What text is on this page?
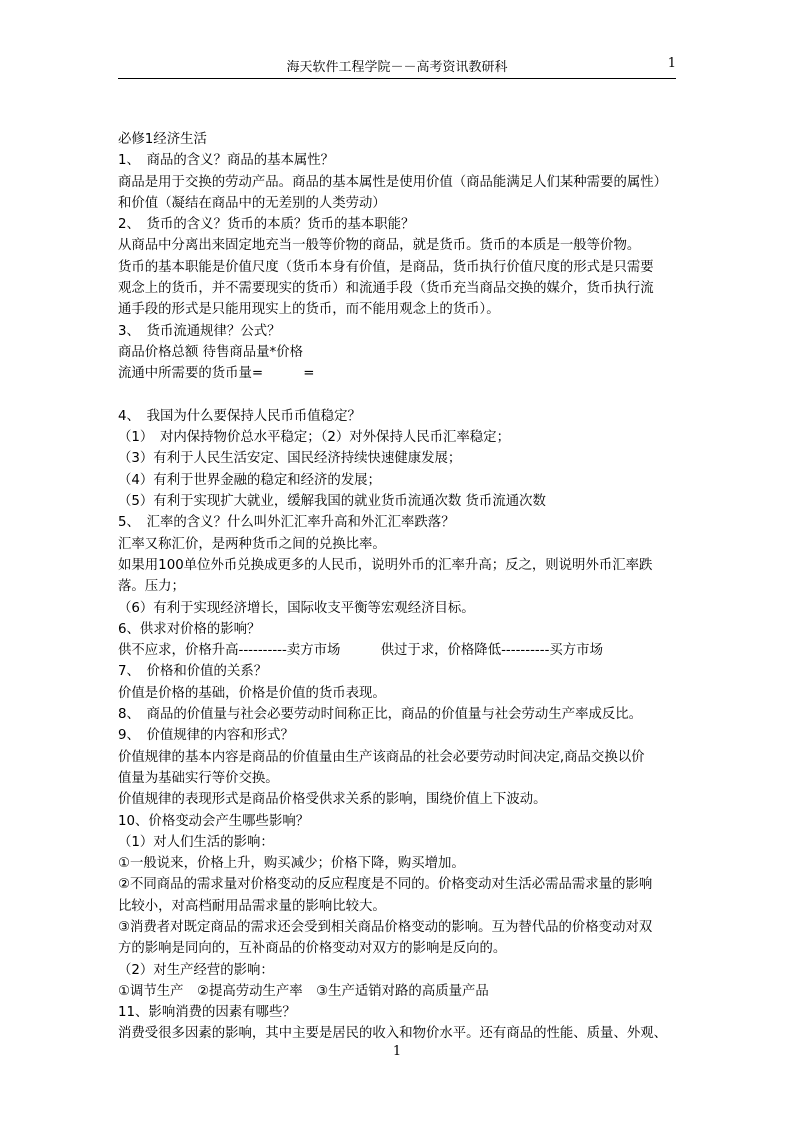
海天软件工程学院－－高考资讯教研科	1
必修1经济生活
1、　商品的含义？商品的基本属性？
商品是用于交换的劳动产品。商品的基本属性是使用价值（商品能满足人们某种需要的属性）
和价值（凝结在商品中的无差别的人类劳动）
2、　货币的含义？货币的本质？货币的基本职能？
从商品中分离出来固定地充当一般等价物的商品，就是货币。货币的本质是一般等价物。
货币的基本职能是价值尺度（货币本身有价值，是商品，货币执行价值尺度的形式是只需要
观念上的货币，并不需要现实的货币）和流通手段（货币充当商品交换的媒介，货币执行流
通手段的形式是只能用现实上的货币，而不能用观念上的货币）。
3、　货币流通规律？公式？
商品价格总额 待售商品量*价格
流通中所需要的货币量=　　　=
4、　我国为什么要保持人民币币值稳定？
（1）　对内保持物价总水平稳定；（2）对外保持人民币汇率稳定；
（3）有利于人民生活安定、国民经济持续快速健康发展；
（4）有利于世界金融的稳定和经济的发展；
（5）有利于实现扩大就业，缓解我国的就业货币流通次数 货币流通次数
5、　汇率的含义？什么叫外汇汇率升高和外汇汇率跌落？
汇率又称汇价，是两种货币之间的兑换比率。
如果用100单位外币兑换成更多的人民币，说明外币的汇率升高；反之，则说明外币汇率跌
落。压力；
（6）有利于实现经济增长，国际收支平衡等宏观经济目标。
6、供求对价格的影响？
供不应求，价格升高----------卖方市场　　　供过于求，价格降低----------买方市场
7、　价格和价值的关系？
价值是价格的基础，价格是价值的货币表现。
8、　商品的价值量与社会必要劳动时间称正比，商品的价值量与社会劳动生产率成反比。
9、　价值规律的内容和形式？
价值规律的基本内容是商品的价值量由生产该商品的社会必要劳动时间决定,商品交换以价
值量为基础实行等价交换。
价值规律的表现形式是商品价格受供求关系的影响，围绕价值上下波动。
10、价格变动会产生哪些影响？
（1）对人们生活的影响：
①一般说来，价格上升，购买减少；价格下降，购买增加。
②不同商品的需求量对价格变动的反应程度是不同的。价格变动对生活必需品需求量的影响
比较小，对高档耐用品需求量的影响比较大。
③消费者对既定商品的需求还会受到相关商品价格变动的影响。互为替代品的价格变动对双
方的影响是同向的，互补商品的价格变动对双方的影响是反向的。
（2）对生产经营的影响：
①调节生产　②提高劳动生产率　③生产适销对路的高质量产品
11、影响消费的因素有哪些？
消费受很多因素的影响，其中主要是居民的收入和物价水平。还有商品的性能、质量、外观、
1
